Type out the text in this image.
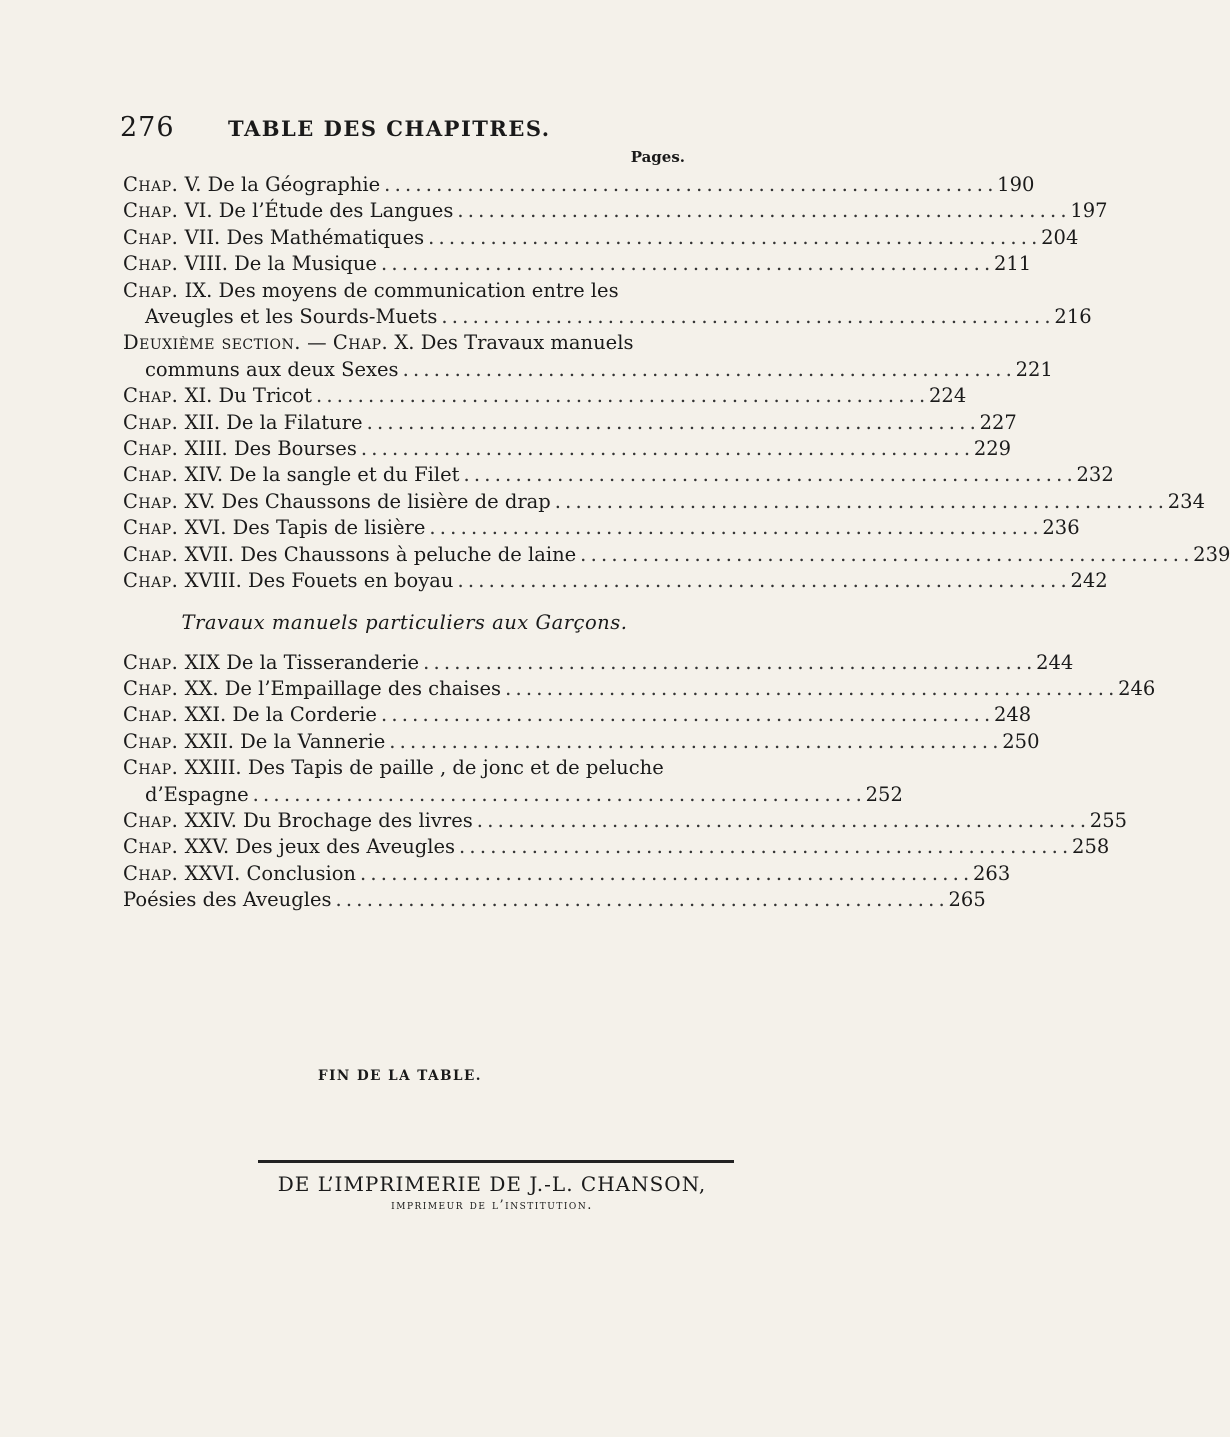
276	TABLE DES CHAPITRES.
Pages.
Chap. V. De la Géographie . . .	190
Chap. VI. De l’Étude des Langues . . .	197
Chap. VII. Des Mathématiques . . .	204
Chap. VIII. De la Musique . . .	211
Chap. IX. Des moyens de communication entre les
Aveugles et les Sourds-Muets . . .	216
Deuxième section. — Chap. X. Des Travaux manuels
communs aux deux Sexes . . .	221
Chap. XI. Du Tricot . . .	224
Chap. XII. De la Filature . . .	227
Chap. XIII. Des Bourses . . .	229
Chap. XIV. De la sangle et du Filet . . .	232
Chap. XV. Des Chaussons de lisière de drap . . .	234
Chap. XVI. Des Tapis de lisière . . .	236
Chap. XVII. Des Chaussons à peluche de laine . . .	239
Chap. XVIII. Des Fouets en boyau . . .	242
Travaux manuels particuliers aux Garçons.
Chap. XIX De la Tisseranderie . . .	244
Chap. XX. De l’Empaillage des chaises . . .	246
Chap. XXI. De la Corderie . . .	248
Chap. XXII. De la Vannerie . . .	250
Chap. XXIII. Des Tapis de paille , de jonc et de peluche
d’Espagne . . .	252
Chap. XXIV. Du Brochage des livres . . .	255
Chap. XXV. Des jeux des Aveugles . . .	258
Chap. XXVI. Conclusion . . .	263
Poésies des Aveugles . . .	265
FIN DE LA TABLE.
DE L’IMPRIMERIE DE J.-L. CHANSON,
imprimeur de l’institution.
